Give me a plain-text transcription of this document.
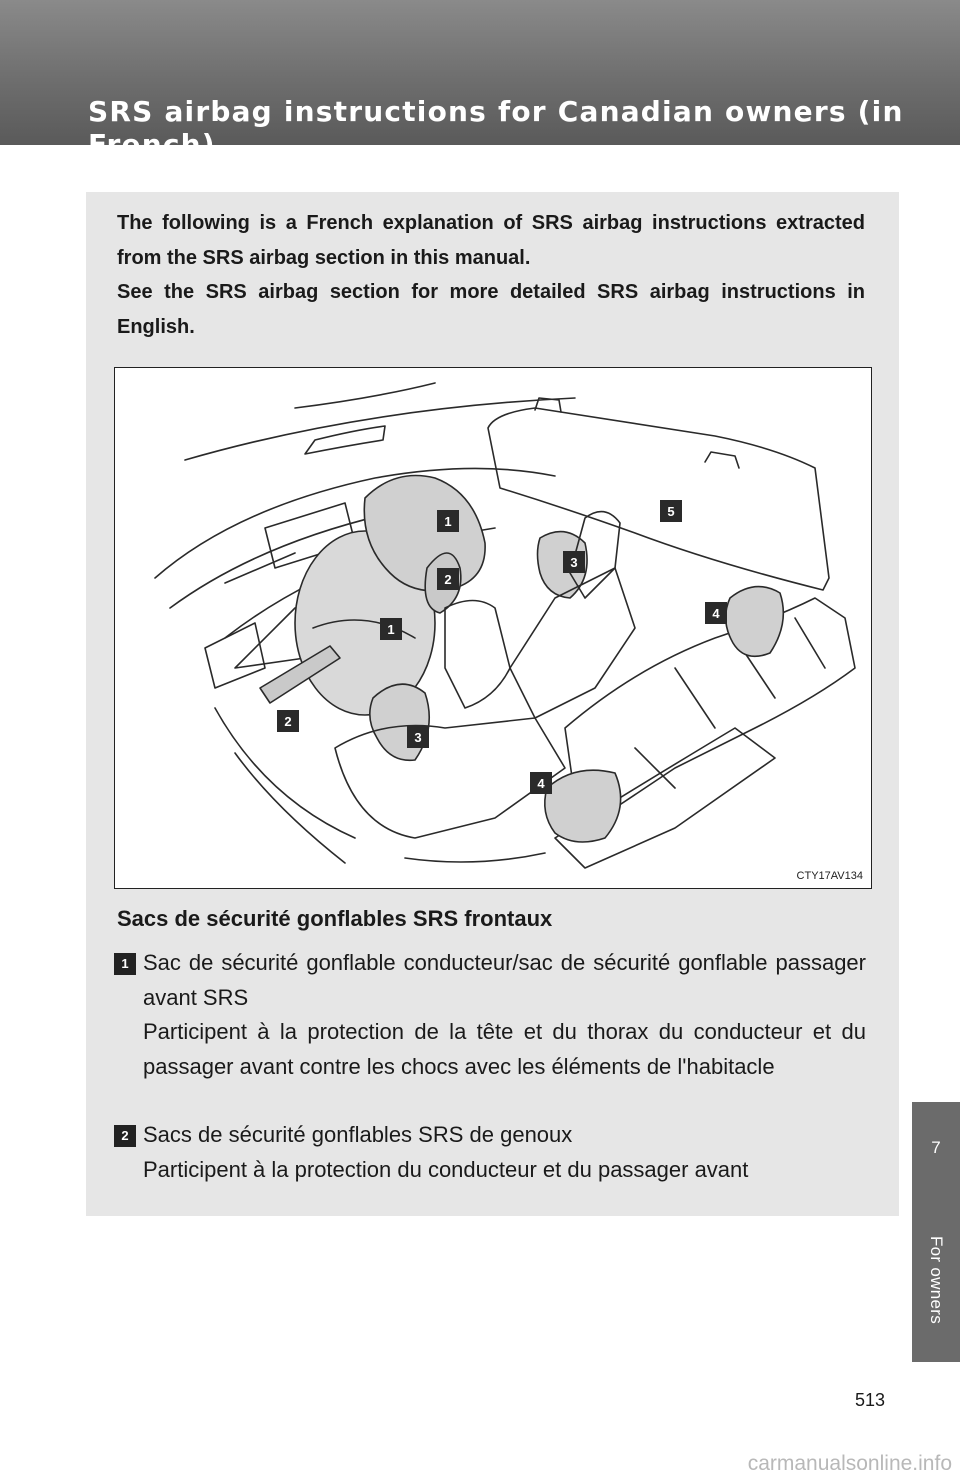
SRS airbag instructions for Canadian owners (in French)

The following is a French explanation of SRS airbag instructions extracted from the SRS airbag section in this manual.

See the SRS airbag section for more detailed SRS airbag instructions in English.

1
1
2
2
3
3
4
4
5
CTY17AV134
Sacs de sécurité gonflables SRS frontaux
1 Sac de sécurité gonflable conducteur/sac de sécurité gonflable passager avant SRS

Participent à la protection de la tête et du thorax du conducteur et du passager avant contre les chocs avec les éléments de l'habitacle

2 Sacs de sécurité gonflables SRS de genoux

Participent à la protection du conducteur et du passager avant

7
For owners
513
carmanualsonline.info
